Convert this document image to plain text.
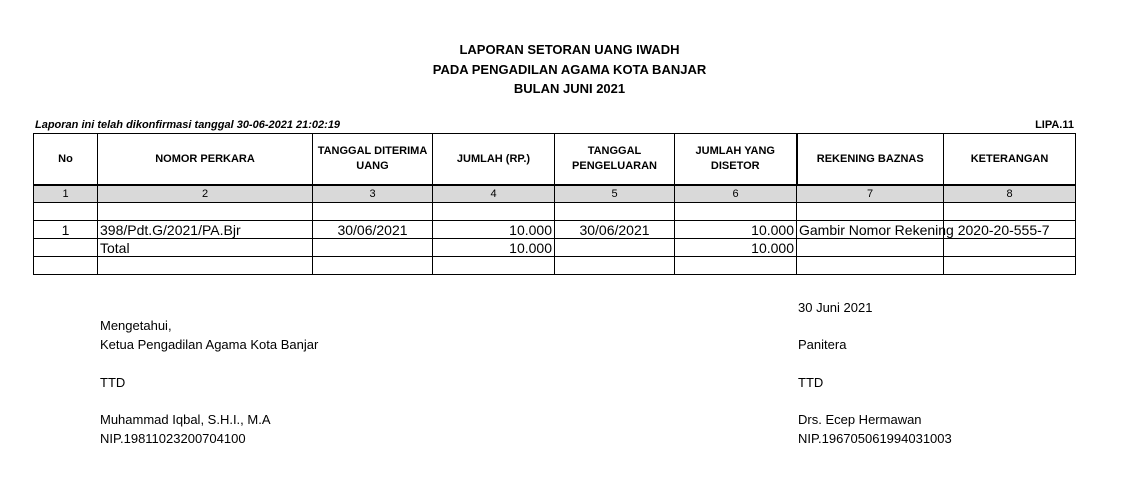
LAPORAN SETORAN UANG IWADH
PADA PENGADILAN AGAMA KOTA BANJAR
BULAN JUNI 2021
Laporan ini telah dikonfirmasi tanggal 30-06-2021 21:02:19	LIPA.11
No	NOMOR PERKARA	TANGGAL DITERIMA UANG	JUMLAH (RP.)	TANGGAL PENGELUARAN	JUMLAH YANG DISETOR	REKENING BAZNAS	KETERANGAN
1	2	3	4	5	6	7	8

1	398/Pdt.G/2021/PA.Bjr	30/06/2021	10.000	30/06/2021	10.000	Gambir Nomor Rekening 2020-20-555-7	
	Total		10.000		10.000		

Mengetahui,
Ketua Pengadilan Agama Kota Banjar
TTD
Muhammad Iqbal, S.H.I., M.A
NIP.19811023200704100
30 Juni 2021
Panitera
TTD
Drs. Ecep Hermawan
NIP.196705061994031003
